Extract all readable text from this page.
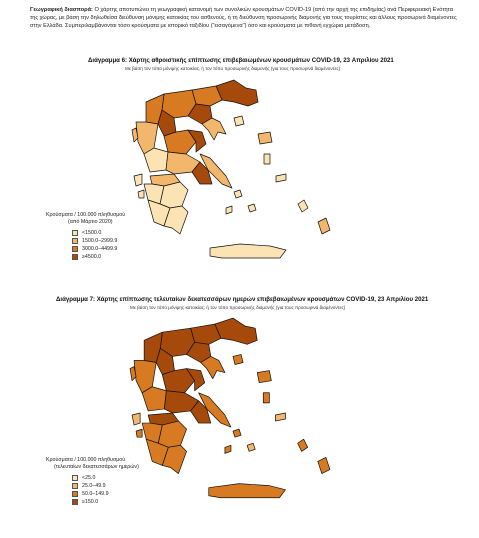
Γεωγραφική διασπορά: Ο χάρτης αποτυπώνει τη γεωγραφική κατανομή των συνολικών κρουσμάτων COVID-19 (από την αρχή της επιδημίας) ανά Περιφερειακή Ενότητα της χώρας, με βάση την δηλωθείσα διεύθυνση μόνιμης κατοικίας του ασθενούς, ή τη διεύθυνση προσωρινής διαμονής για τους τουρίστες και άλλους προσωρινά διαμένοντες στην Ελλάδα. Συμπεριλαμβάνονται τόσο κρούσματα με ιστορικό ταξιδίου ("εισαγόμενα") όσο και κρούσματα με πιθανή εγχώρια μετάδοση.
Διάγραμμα 6: Χάρτης αθροιστικής επίπτωσης επιβεβαιωμένων κρουσμάτων COVID-19, 23 Απριλίου 2021
Με βάση τον τόπο μόνιμης κατοικίας, ή τον τόπο προσωρινής διαμονής (για τους προσωρινά διαμένοντες)
Κρούσματα / 100.000 πληθυσμού
(από Μάρτιο 2020)
<1500.0
1500.0–2999.9
3000.0–4499.9
≥4500.0
Διάγραμμα 7: Χάρτης επίπτωσης τελευταίων δεκατεσσάρων ημερών επιβεβαιωμένων κρουσμάτων COVID-19, 23 Απριλίου 2021
Με βάση τον τόπο μόνιμης κατοικίας, ή τον τόπο προσωρινής διαμονής (για τους προσωρινά διαμένοντες)
Κρούσματα / 100.000 πληθυσμού
(τελευταίων δεκατεσσάρων ημερών)
<25.0
25.0–49.9
50.0–149.9
≥150.0
